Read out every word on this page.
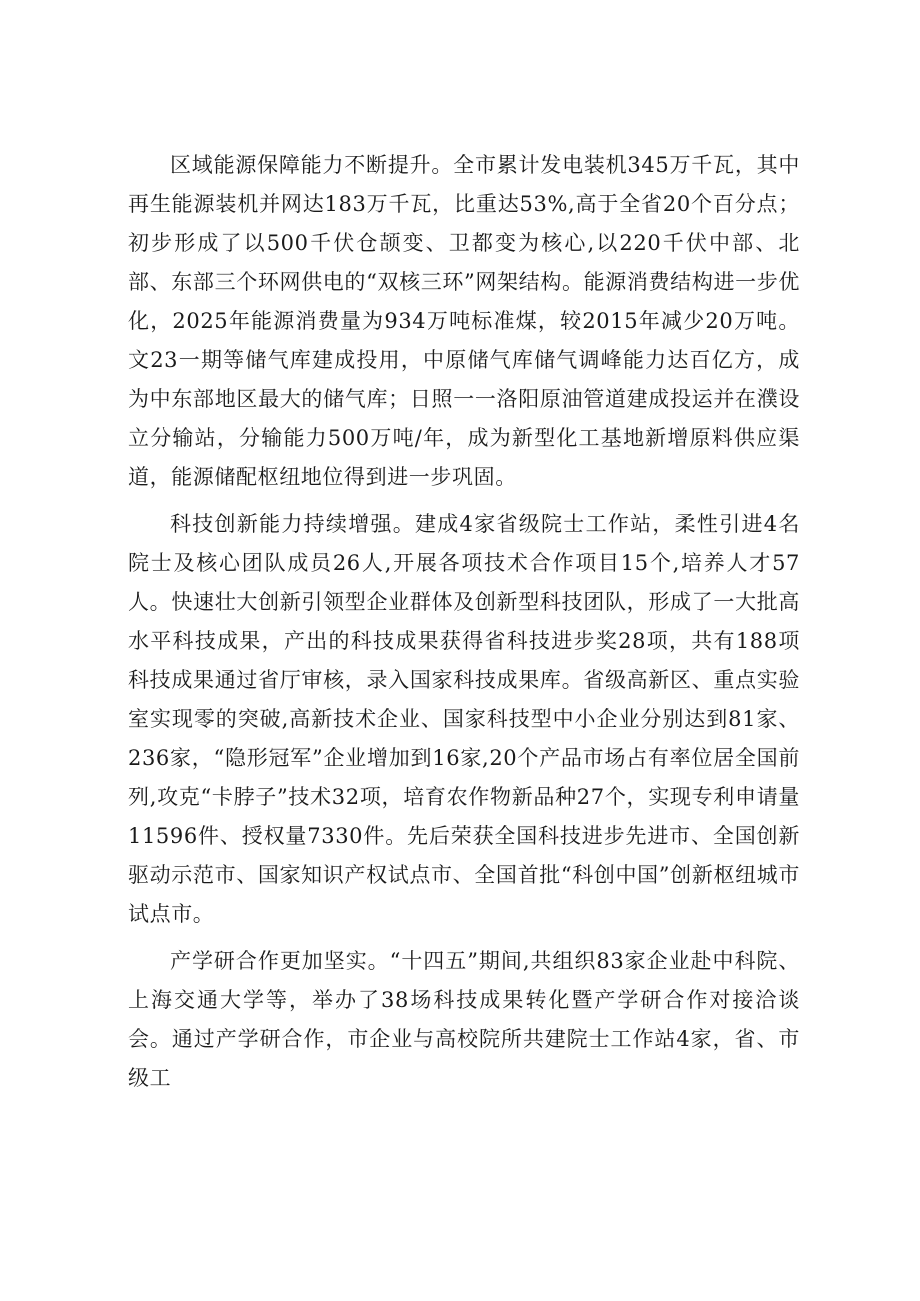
区域能源保障能力不断提升。全市累计发电装机345万千瓦，其中再生能源装机并网达183万千瓦，比重达53%,高于全省20个百分点；初步形成了以500千伏仓颉变、卫都变为核心,以220千伏中部、北部、东部三个环网供电的“双核三环”网架结构。能源消费结构进一步优化，2025年能源消费量为934万吨标准煤，较2015年减少20万吨。文23一期等储气库建成投用，中原储气库储气调峰能力达百亿方，成为中东部地区最大的储气库；日照一一洛阳原油管道建成投运并在濮设立分输站，分输能力500万吨/年，成为新型化工基地新增原料供应渠道，能源储配枢纽地位得到进一步巩固。

科技创新能力持续增强。建成4家省级院士工作站，柔性引进4名院士及核心团队成员26人,开展各项技术合作项目15个,培养人才57人。快速壮大创新引领型企业群体及创新型科技团队，形成了一大批高水平科技成果，产出的科技成果获得省科技进步奖28项，共有188项科技成果通过省厅审核，录入国家科技成果库。省级高新区、重点实验室实现零的突破,高新技术企业、国家科技型中小企业分别达到81家、236家，“隐形冠军”企业增加到16家,20个产品市场占有率位居全国前列,攻克“卡脖子”技术32项，培育农作物新品种27个，实现专利申请量11596件、授权量7330件。先后荣获全国科技进步先进市、全国创新驱动示范市、国家知识产权试点市、全国首批“科创中国”创新枢纽城市试点市。

产学研合作更加坚实。“十四五”期间,共组织83家企业赴中科院、上海交通大学等，举办了38场科技成果转化暨产学研合作对接洽谈会。通过产学研合作，市企业与高校院所共建院士工作站4家，省、市级工
